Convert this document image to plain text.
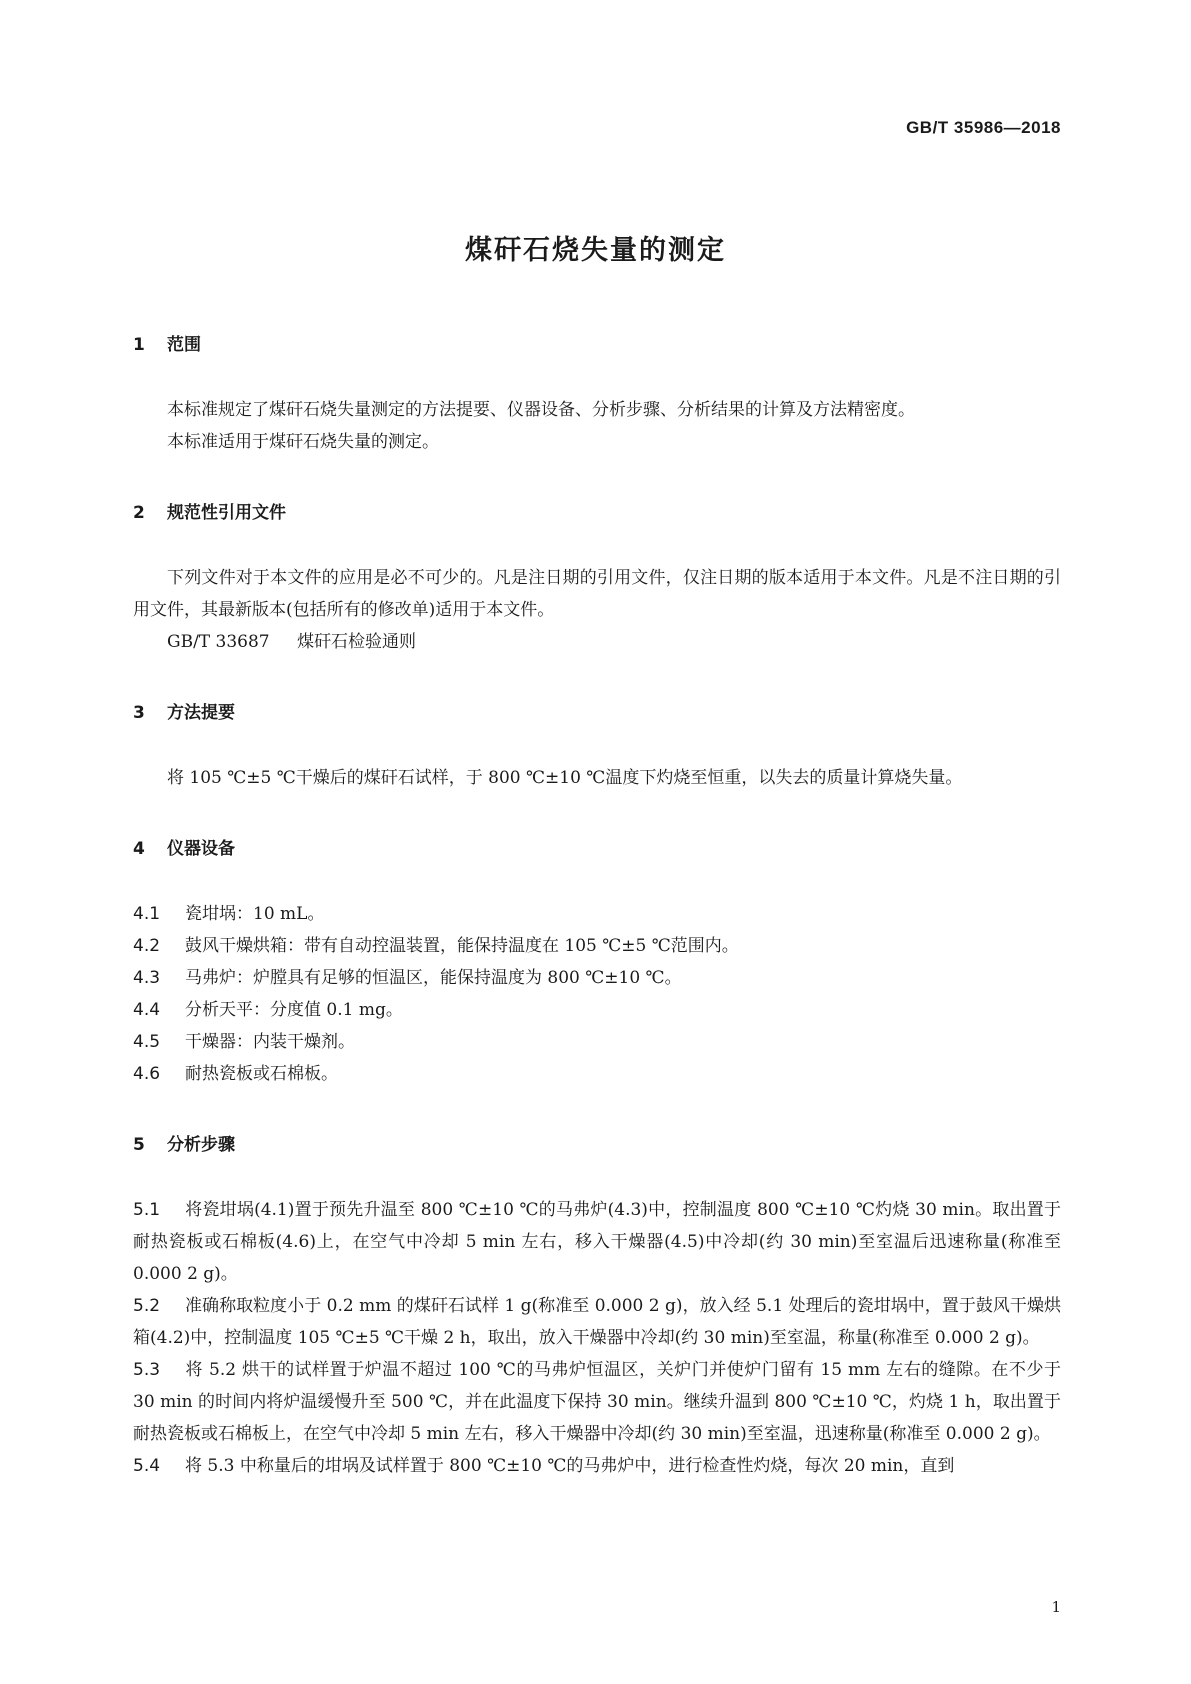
GB/T 35986—2018
煤矸石烧失量的测定
1 范围

本标准规定了煤矸石烧失量测定的方法提要、仪器设备、分析步骤、分析结果的计算及方法精密度。

本标准适用于煤矸石烧失量的测定。

2 规范性引用文件

下列文件对于本文件的应用是必不可少的。凡是注日期的引用文件，仅注日期的版本适用于本文件。凡是不注日期的引用文件，其最新版本(包括所有的修改单)适用于本文件。

GB/T 33687 煤矸石检验通则

3 方法提要

将 105 ℃±5 ℃干燥后的煤矸石试样，于 800 ℃±10 ℃温度下灼烧至恒重，以失去的质量计算烧失量。

4 仪器设备

4.1 瓷坩埚：10 mL。

4.2 鼓风干燥烘箱：带有自动控温装置，能保持温度在 105 ℃±5 ℃范围内。

4.3 马弗炉：炉膛具有足够的恒温区，能保持温度为 800 ℃±10 ℃。

4.4 分析天平：分度值 0.1 mg。

4.5 干燥器：内装干燥剂。

4.6 耐热瓷板或石棉板。

5 分析步骤

5.1 将瓷坩埚(4.1)置于预先升温至 800 ℃±10 ℃的马弗炉(4.3)中，控制温度 800 ℃±10 ℃灼烧 30 min。取出置于耐热瓷板或石棉板(4.6)上，在空气中冷却 5 min 左右，移入干燥器(4.5)中冷却(约 30 min)至室温后迅速称量(称准至 0.000 2 g)。

5.2 准确称取粒度小于 0.2 mm 的煤矸石试样 1 g(称准至 0.000 2 g)，放入经 5.1 处理后的瓷坩埚中，置于鼓风干燥烘箱(4.2)中，控制温度 105 ℃±5 ℃干燥 2 h，取出，放入干燥器中冷却(约 30 min)至室温，称量(称准至 0.000 2 g)。

5.3 将 5.2 烘干的试样置于炉温不超过 100 ℃的马弗炉恒温区，关炉门并使炉门留有 15 mm 左右的缝隙。在不少于 30 min 的时间内将炉温缓慢升至 500 ℃，并在此温度下保持 30 min。继续升温到 800 ℃±10 ℃，灼烧 1 h，取出置于耐热瓷板或石棉板上，在空气中冷却 5 min 左右，移入干燥器中冷却(约 30 min)至室温，迅速称量(称准至 0.000 2 g)。

5.4 将 5.3 中称量后的坩埚及试样置于 800 ℃±10 ℃的马弗炉中，进行检查性灼烧，每次 20 min，直到

1
